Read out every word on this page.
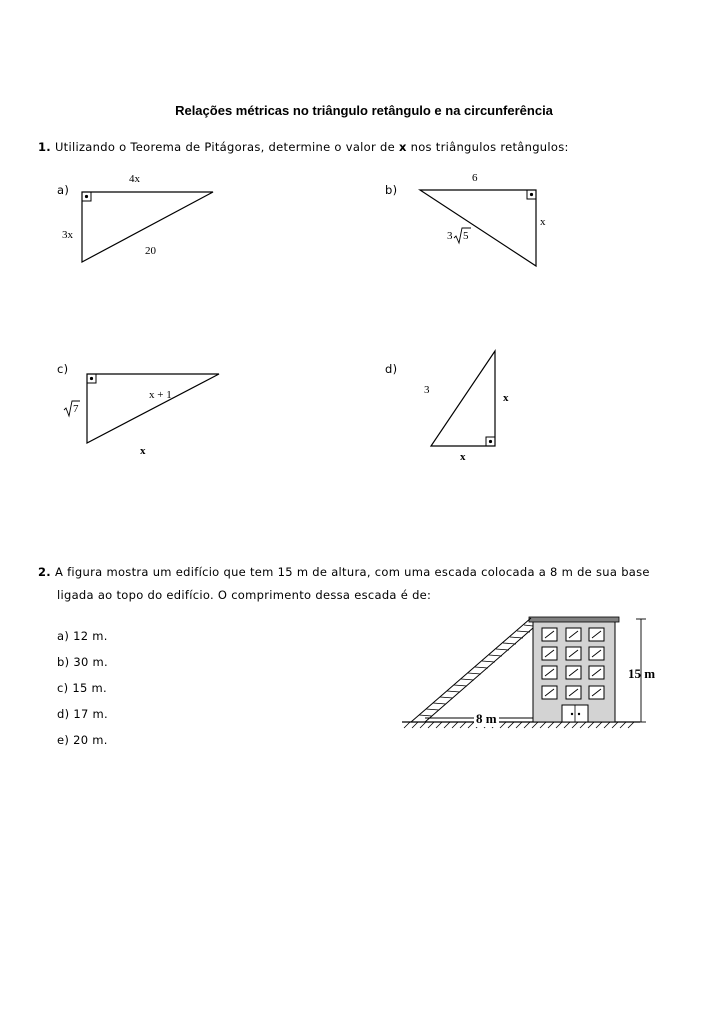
Relações métricas no triângulo retângulo e na circunferência
1. Utilizando o Teorema de Pitágoras, determine o valor de x nos triângulos retângulos:
a)
4x
3x
20
b)
6
x
3 5
c)
x + 1
7
x
d)
3
x
x
2. A figura mostra um edifício que tem 15 m de altura, com uma escada colocada a 8 m de sua base
ligada ao topo do edifício. O comprimento dessa escada é de:
a) 12 m.
b) 30 m.
c) 15 m.
d) 17 m.
e) 20 m.
15 m
8 m
